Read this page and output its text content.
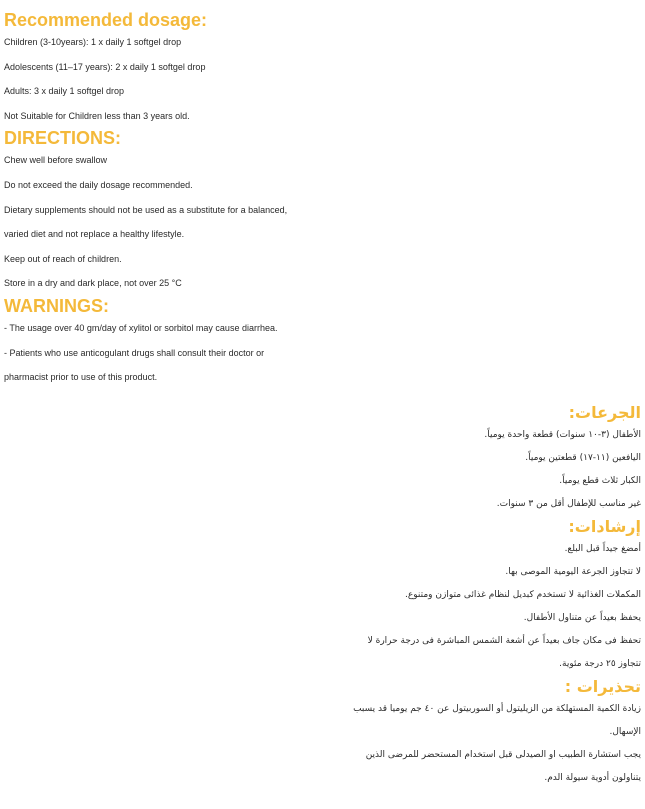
Recommended dosage:
Children (3-10years): 1 x daily 1 softgel drop
Adolescents (11–17 years): 2 x daily 1 softgel drop
Adults: 3 x daily 1 softgel drop
Not Suitable for Children less than 3 years old.
DIRECTIONS:
Chew well before swallow
Do not exceed the daily dosage recommended.
Dietary supplements should not be used as a substitute for a balanced,
varied diet and not replace a healthy lifestyle.
Keep out of reach of children.
Store in a dry and dark place, not over 25 °C
WARNINGS:
- The usage over 40 gm/day of xylitol or sorbitol may cause diarrhea.
- Patients who use anticogulant drugs shall consult their doctor or
pharmacist prior to use of this product.
الجرعات:
الأطفال (٣-١٠ سنوات) قطعة واحدة يومياً.
اليافعين (١١-١٧) قطعتين يومياً.
الكبار ثلاث قطع يومياً.
غير مناسب للإطفال أقل من ٣ سنوات.
إرشادات:
أمضغ جيداً قبل البلع.
لا تتجاوز الجرعة اليومية الموصى بها.
المكملات الغذائية لا تستخدم كبديل لنظام غذائى متوازن ومتنوع.
يحفظ بعيداً عن متناول الأطفال.
تحفظ فى مكان جاف بعيداً عن أشعة الشمس المباشرة فى درجة حرارة لا
تتجاوز ٢٥ درجة مئوية.
تحذيرات :
زيادة الكمية المستهلكة من الزيليتول أو السوربيتول عن ٤٠ جم يوميا قد يسبب
الإسهال.
يجب استشارة الطبيب او الصيدلى قبل استخدام المستحضر للمرضى الذين
يتناولون أدوية سيولة الدم.
